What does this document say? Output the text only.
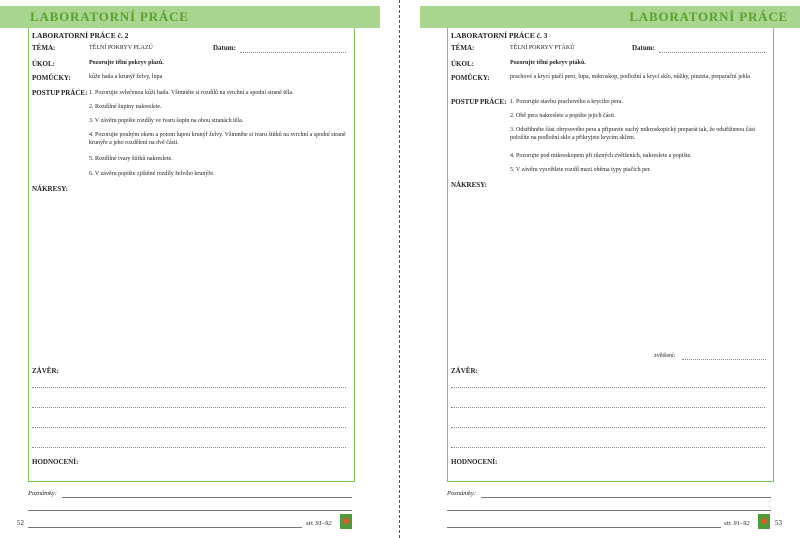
LABORATORNÍ PRÁCE
LABORATORNÍ PRÁCE č. 2
TÉMA:	TĚLNÍ POKRYV PLAZŮ	Datum:
ÚKOL:	Pozorujte tělní pokryv plazů.
POMŮCKY:	kůže hada a krunýř želvy, lupa
POSTUP PRÁCE: 1. Pozorujte svlečenou kůži hada. Všimněte si rozdílů na svrchní a spodní straně těla.
2. Rozdílné šupiny nakreslete.
3. V závěru popište rozdíly ve tvaru šupin na obou stranách těla.
4. Pozorujte pouhým okem a potom lupou krunýř želvy. Všimněte si tvaru štítků na svrchní a spodní straně krunýře a jeho rozdělení na dvě části.
5. Rozdílné tvary štítků nakreslete.
6. V závěru popište zjištěné rozdíly želvího krunýře.
NÁKRESY:
ZÁVĚR:
HODNOCENÍ:
Poznámky:
52	str. 91–92
LABORATORNÍ PRÁCE
LABORATORNÍ PRÁCE č. 3
TÉMA:	TĚLNÍ POKRYV PTÁKŮ	Datum:
ÚKOL:	Pozorujte tělní pokryv ptáků.
POMŮCKY:	prachové a krycí ptačí pero, lupa, mikroskop, podložní a krycí sklo, nůžky, pinzeta, preparační jehla
POSTUP PRÁCE: 1. Pozorujte stavbu prachového a krycího pera.
2. Obě pera nakreslete a popište jejich části.
3. Odstřihněte část obrysového pera a připravte suchý mikroskopický preparát tak, že odstřiženou část položíte na podložní sklo a přikryjete krycím sklem.
4. Pozorujte pod mikroskopem při různých zvětšeních, nakreslete a popište.
5. V závěru vysvětlete rozdíl mezi oběma typy ptačích per.
NÁKRESY:
zvětšení:
ZÁVĚR:
HODNOCENÍ:
Poznámky:
str. 91–92	53
